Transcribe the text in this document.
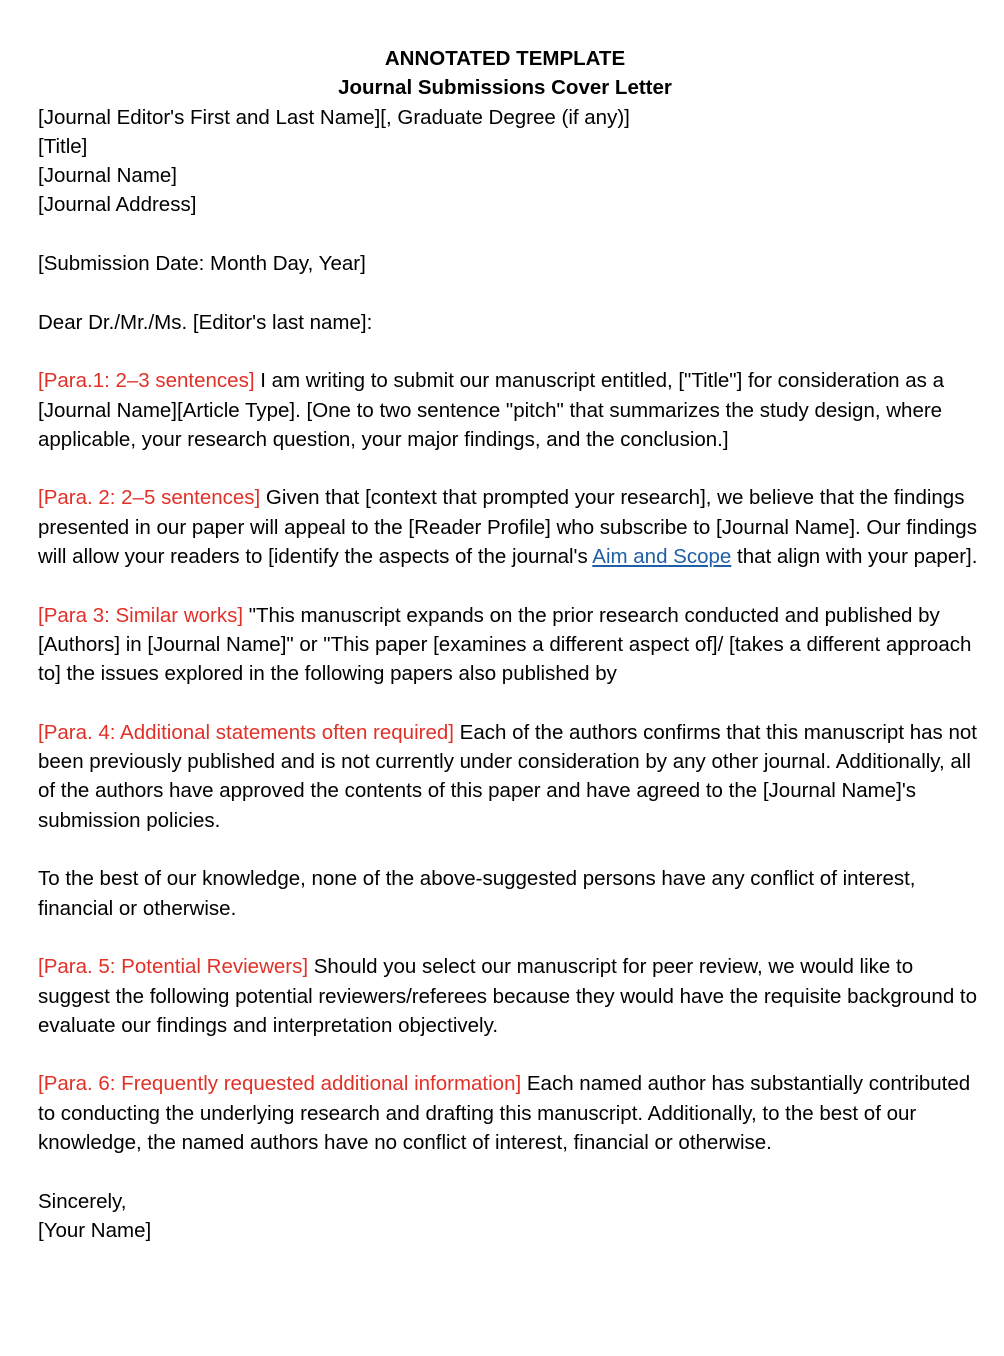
ANNOTATED TEMPLATE

Journal Submissions Cover Letter

[Journal Editor's First and Last Name][, Graduate Degree (if any)]

[Title]

[Journal Name]

[Journal Address]

[Submission Date: Month Day, Year]

Dear Dr./Mr./Ms. [Editor's last name]:

[Para.1: 2–3 sentences] I am writing to submit our manuscript entitled, ["Title"] for consideration as a [Journal Name][Article Type]. [One to two sentence "pitch" that summarizes the study design, where applicable, your research question, your major findings, and the conclusion.]

[Para. 2: 2–5 sentences] Given that [context that prompted your research], we believe that the findings presented in our paper will appeal to the [Reader Profile] who subscribe to [Journal Name]. Our findings will allow your readers to [identify the aspects of the journal's Aim and Scope that align with your paper].

[Para 3: Similar works] "This manuscript expands on the prior research conducted and published by [Authors] in [Journal Name]" or "This paper [examines a different aspect of]/ [takes a different approach to] the issues explored in the following papers also published by

[Para. 4: Additional statements often required] Each of the authors confirms that this manuscript has not been previously published and is not currently under consideration by any other journal. Additionally, all of the authors have approved the contents of this paper and have agreed to the [Journal Name]'s submission policies.

To the best of our knowledge, none of the above-suggested persons have any conflict of interest, financial or otherwise.

[Para. 5: Potential Reviewers] Should you select our manuscript for peer review, we would like to suggest the following potential reviewers/referees because they would have the requisite background to evaluate our findings and interpretation objectively.

[Para. 6: Frequently requested additional information] Each named author has substantially contributed to conducting the underlying research and drafting this manuscript. Additionally, to the best of our knowledge, the named authors have no conflict of interest, financial or otherwise.

Sincerely,

[Your Name]
